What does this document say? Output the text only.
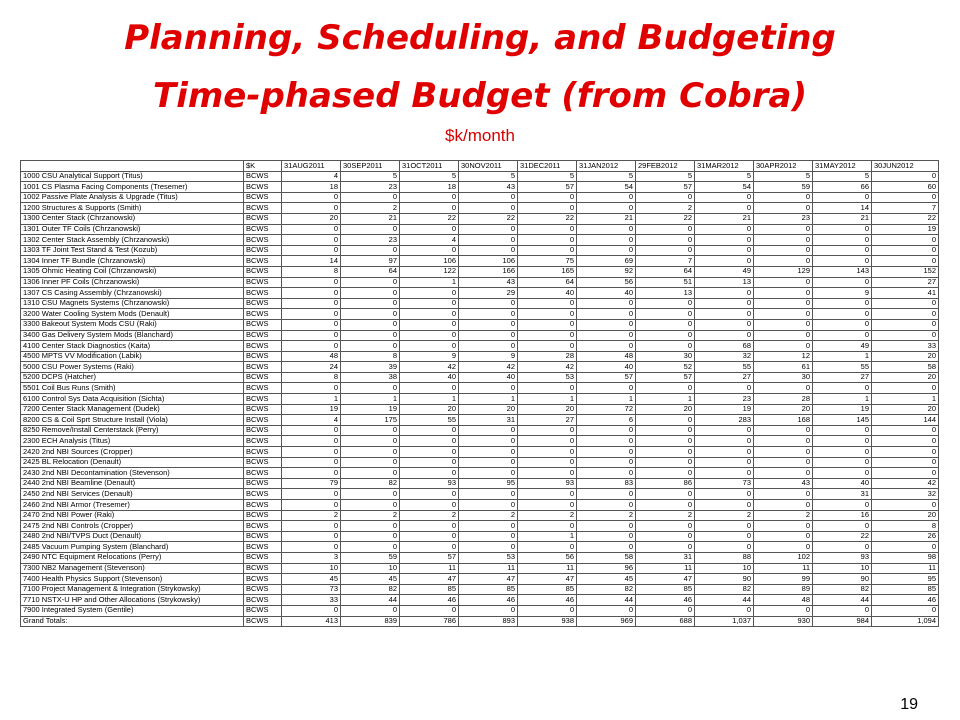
Planning, Scheduling, and Budgeting
Time-phased Budget (from Cobra)
$k/month
	$K	31AUG2011	30SEP2011	31OCT2011	30NOV2011	31DEC2011	31JAN2012	29FEB2012	31MAR2012	30APR2012	31MAY2012	30JUN2012
1000 CSU Analytical Support (Titus)	BCWS	4	5	5	5	5	5	5	5	5	5	0
1001 CS Plasma Facing Components (Tresemer)	BCWS	18	23	18	43	57	54	57	54	59	66	60
1002 Passive Plate Analysis & Upgrade (Titus)	BCWS	0	0	0	0	0	0	0	0	0	0	0
1200 Structures & Supports (Smith)	BCWS	0	2	0	0	0	0	2	0	0	14	7
1300 Center Stack (Chrzanowski)	BCWS	20	21	22	22	22	21	22	21	23	21	22
1301 Outer TF Coils (Chrzanowski)	BCWS	0	0	0	0	0	0	0	0	0	0	19
1302 Center Stack Assembly (Chrzanowski)	BCWS	0	23	4	0	0	0	0	0	0	0	0
1303 TF Joint Test Stand & Test (Kozub)	BCWS	0	0	0	0	0	0	0	0	0	0	0
1304 Inner TF Bundle (Chrzanowski)	BCWS	14	97	106	106	75	69	7	0	0	0	0
1305 Ohmic Heating Coil (Chrzanowski)	BCWS	8	64	122	166	165	92	64	49	129	143	152
1306 Inner PF Coils (Chrzanowski)	BCWS	0	0	1	43	64	56	51	13	0	0	27
1307 CS Casing Assembly (Chrzanowski)	BCWS	0	0	0	29	40	40	13	0	0	9	41
1310 CSU Magnets Systems (Chrzanowski)	BCWS	0	0	0	0	0	0	0	0	0	0	0
3200 Water Cooling System Mods (Denault)	BCWS	0	0	0	0	0	0	0	0	0	0	0
3300 Bakeout System Mods CSU (Raki)	BCWS	0	0	0	0	0	0	0	0	0	0	0
3400 Gas Delivery System Mods (Blanchard)	BCWS	0	0	0	0	0	0	0	0	0	0	0
4100 Center Stack Diagnostics (Kaita)	BCWS	0	0	0	0	0	0	0	68	0	49	33
4500 MPTS VV Modification (Labik)	BCWS	48	8	9	9	28	48	30	32	12	1	20
5000 CSU Power Systems (Raki)	BCWS	24	39	42	42	42	40	52	55	61	55	58
5200 DCPS (Hatcher)	BCWS	8	38	40	40	53	57	57	27	30	27	20
5501 Coil Bus Runs (Smith)	BCWS	0	0	0	0	0	0	0	0	0	0	0
6100 Control Sys Data Acquisition (Sichta)	BCWS	1	1	1	1	1	1	1	23	28	1	1
7200 Center Stack Management (Dudek)	BCWS	19	19	20	20	20	72	20	19	20	19	20
8200 CS & Coil Sprt Structure Install (Viola)	BCWS	4	175	55	31	27	6	0	283	168	145	144
8250 Remove/Install Centerstack (Perry)	BCWS	0	0	0	0	0	0	0	0	0	0	0
2300 ECH Analysis (Titus)	BCWS	0	0	0	0	0	0	0	0	0	0	0
2420 2nd NBI Sources (Cropper)	BCWS	0	0	0	0	0	0	0	0	0	0	0
2425 BL Relocation (Denault)	BCWS	0	0	0	0	0	0	0	0	0	0	0
2430 2nd NBI Decontamination (Stevenson)	BCWS	0	0	0	0	0	0	0	0	0	0	0
2440 2nd NBI Beamline (Denault)	BCWS	79	82	93	95	93	83	86	73	43	40	42
2450 2nd NBI Services (Denault)	BCWS	0	0	0	0	0	0	0	0	0	31	32
2460 2nd NBI Armor (Tresemer)	BCWS	0	0	0	0	0	0	0	0	0	0	0
2470 2nd NBI Power (Raki)	BCWS	2	2	2	2	2	2	2	2	2	16	20
2475 2nd NBI Controls (Cropper)	BCWS	0	0	0	0	0	0	0	0	0	0	8
2480 2nd NBI/TVPS Duct (Denault)	BCWS	0	0	0	0	1	0	0	0	0	22	26
2485 Vacuum Pumping System (Blanchard)	BCWS	0	0	0	0	0	0	0	0	0	0	0
2490 NTC Equipment Relocations (Perry)	BCWS	3	59	57	53	56	58	31	88	102	93	98
7300 NB2 Management (Stevenson)	BCWS	10	10	11	11	11	96	11	10	11	10	11
7400 Health Physics Support (Stevenson)	BCWS	45	45	47	47	47	45	47	90	99	90	95
7100 Project Management & Integration (Strykowsky)	BCWS	73	82	85	85	85	82	85	82	89	82	85
7710 NSTX-U HP and Other Allocations (Strykowsky)	BCWS	33	44	46	46	46	44	46	44	48	44	46
7900 Integrated System (Gentile)	BCWS	0	0	0	0	0	0	0	0	0	0	0
Grand Totals:	BCWS	413	839	786	893	938	969	688	1,037	930	984	1,094
19
